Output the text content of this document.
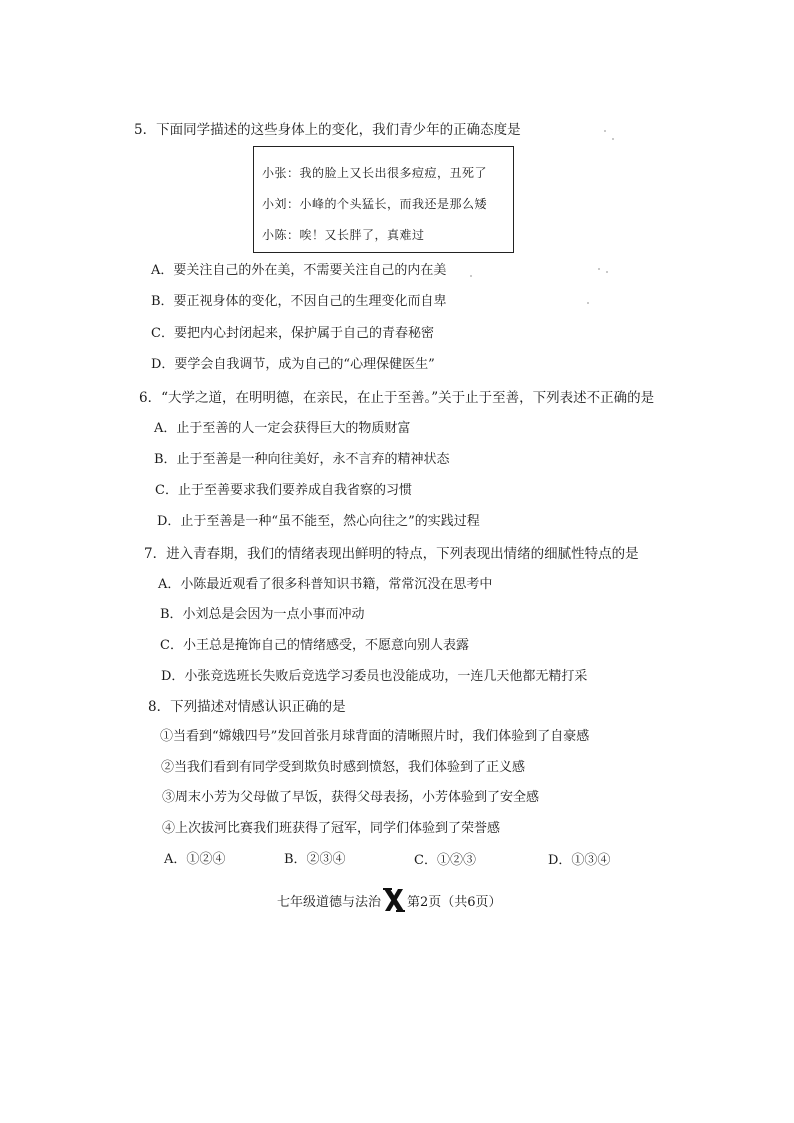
5．下面同学描述的这些身体上的变化，我们青少年的正确态度是
小张：我的脸上又长出很多痘痘，丑死了
小刘：小峰的个头猛长，而我还是那么矮
小陈：唉！又长胖了，真难过
A．要关注自己的外在美，不需要关注自己的内在美
B．要正视身体的变化，不因自己的生理变化而自卑
C．要把内心封闭起来，保护属于自己的青春秘密
D．要学会自我调节，成为自己的“心理保健医生”
6．“大学之道，在明明德，在亲民，在止于至善。”关于止于至善，下列表述不正确的是
A．止于至善的人一定会获得巨大的物质财富
B．止于至善是一种向往美好，永不言弃的精神状态
C．止于至善要求我们要养成自我省察的习惯
D．止于至善是一种“虽不能至，然心向往之”的实践过程
7．进入青春期，我们的情绪表现出鲜明的特点，下列表现出情绪的细腻性特点的是
A．小陈最近观看了很多科普知识书籍，常常沉没在思考中
B．小刘总是会因为一点小事而冲动
C．小王总是掩饰自己的情绪感受，不愿意向别人表露
D．小张竞选班长失败后竞选学习委员也没能成功，一连几天他都无精打采
8．下列描述对情感认识正确的是
①当看到“嫦娥四号”发回首张月球背面的清晰照片时，我们体验到了自豪感
②当我们看到有同学受到欺负时感到愤怒，我们体验到了正义感
③周末小芳为父母做了早饭，获得父母表扬，小芳体验到了安全感
④上次拔河比赛我们班获得了冠军，同学们体验到了荣誉感
A．①②④	B．②③④	C．①②③	D．①③④
七年级道德与法治 第2页（共6页）
